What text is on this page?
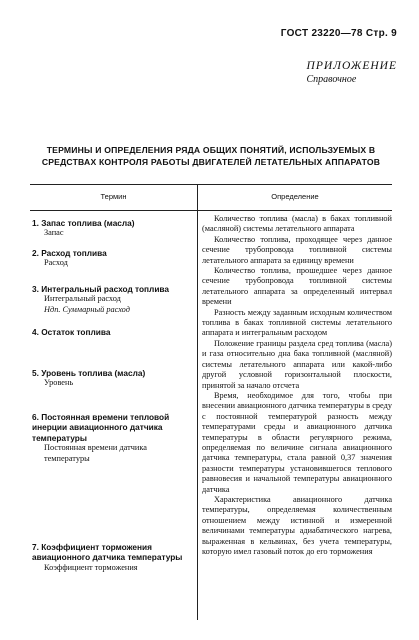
ГОСТ 23220—78 Стр. 9
ПРИЛОЖЕНИЕ
Справочное
ТЕРМИНЫ И ОПРЕДЕЛЕНИЯ РЯДА ОБЩИХ ПОНЯТИЙ, ИСПОЛЬЗУЕМЫХ В СРЕДСТВАХ КОНТРОЛЯ РАБОТЫ ДВИГАТЕЛЕЙ ЛЕТАТЕЛЬНЫХ АППАРАТОВ
Термин	Определение
1. Запас топлива (масла)
Запас
2. Расход топлива
Расход
3. Интегральный расход топлива
Интегральный расход
Ндп. Суммарный расход
4. Остаток топлива
5. Уровень топлива (масла)
Уровень
6. Постоянная времени тепловой инерции авиационного датчика температуры
Постоянная времени датчика температуры
7. Коэффициент торможения авиационного датчика температуры
Коэффициент торможения

Количество топлива (масла) в баках топливной (масляной) системы летательного аппарата

Количество топлива, проходящее через данное сечение трубопровода топливной системы летательного аппарата за единицу времени

Количество топлива, прошедшее через данное сечение трубопровода топливной системы летательного аппарата за определенный интервал времени

Разность между заданным исходным количеством топлива в баках топливной системы летательного аппарата и интегральным расходом

Положение границы раздела сред топлива (масла) и газа относительно дна бака топливной (масляной) системы летательного аппарата или какой-либо другой условной горизонтальной плоскости, принятой за начало отсчета

Время, необходимое для того, чтобы при внесении авиационного датчика температуры в среду с постоянной температурой разность между температурами среды и авиационного датчика температуры в области регулярного режима, определяемая по величине сигнала авиационного датчика температуры, стала равной 0,37 значения разности температуры установившегося теплового равновесия и начальной температуры авиационного датчика

Характеристика авиационного датчика температуры, определяемая количественным отношением между истинной и измеренной величинами температуры адиабатического нагрева, выраженная в кельвинах, без учета температуры, которую имел газовый поток до его торможения
